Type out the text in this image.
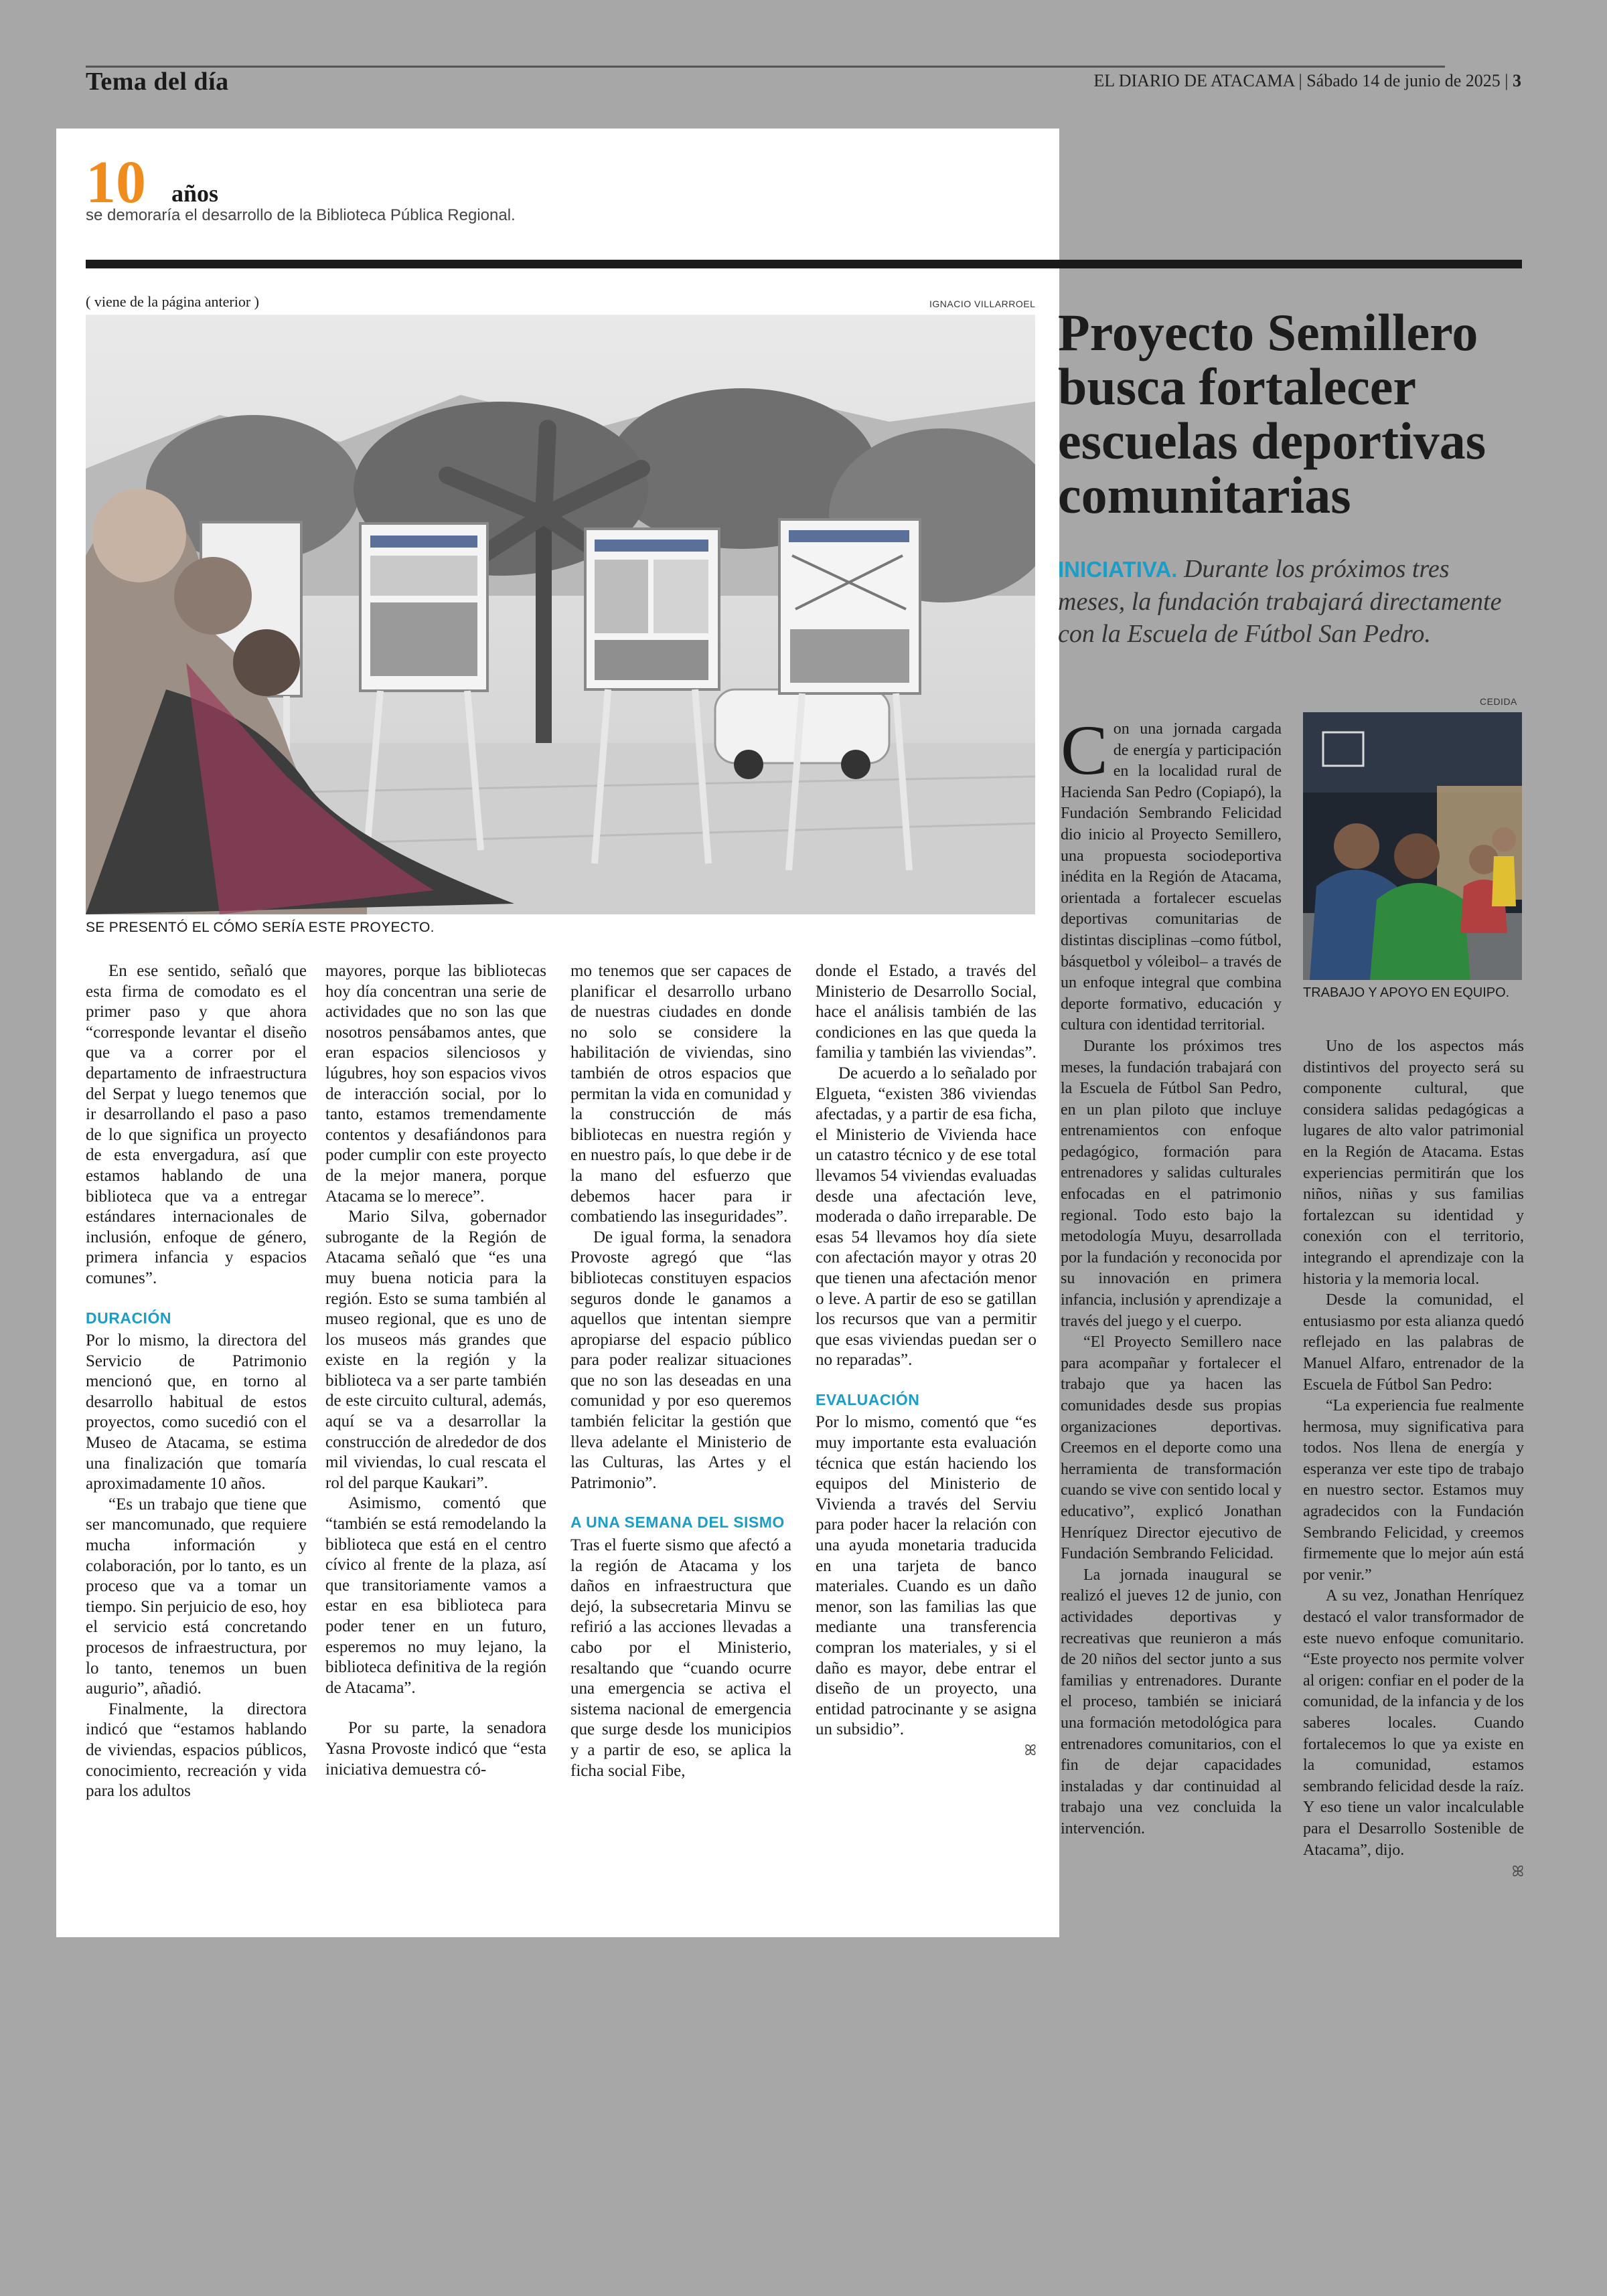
Tema del día	EL DIARIO DE ATACAMA | Sábado 14 de junio de 2025 | 3
10 años
se demoraría el desarrollo de la Biblioteca Pública Regional.
( viene de la página anterior )	IGNACIO VILLARROEL
SE PRESENTÓ EL CÓMO SERÍA ESTE PROYECTO.

En ese sentido, señaló que esta firma de comodato es el primer paso y que ahora “corresponde levantar el diseño que va a correr por el departamento de infraestructura del Serpat y luego tenemos que ir desarrollando el paso a paso de lo que significa un proyecto de esta envergadura, así que estamos hablando de una biblioteca que va a entregar estándares internacionales de inclusión, enfoque de género, primera infancia y espacios comunes”.

DURACIÓN

Por lo mismo, la directora del Servicio de Patrimonio mencionó que, en torno al desarrollo habitual de estos proyectos, como sucedió con el Museo de Atacama, se estima una finalización que tomaría aproximadamente 10 años.

“Es un trabajo que tiene que ser mancomunado, que requiere mucha información y colaboración, por lo tanto, es un proceso que va a tomar un tiempo. Sin perjuicio de eso, hoy el servicio está concretando procesos de infraestructura, por lo tanto, tenemos un buen augurio”, añadió.

Finalmente, la directora indicó que “estamos hablando de viviendas, espacios públicos, conocimiento, recreación y vida para los adultos

mayores, porque las bibliotecas hoy día concentran una serie de actividades que no son las que nosotros pensábamos antes, que eran espacios silenciosos y lúgubres, hoy son espacios vivos de interacción social, por lo tanto, estamos tremendamente contentos y desafiándonos para poder cumplir con este proyecto de la mejor manera, porque Atacama se lo merece”.

Mario Silva, gobernador subrogante de la Región de Atacama señaló que “es una muy buena noticia para la región. Esto se suma también al museo regional, que es uno de los museos más grandes que existe en la región y la biblioteca va a ser parte también de este circuito cultural, además, aquí se va a desarrollar la construcción de alrededor de dos mil viviendas, lo cual rescata el rol del parque Kaukari”.

Asimismo, comentó que “también se está remodelando la biblioteca que está en el centro cívico al frente de la plaza, así que transitoriamente vamos a estar en esa biblioteca para poder tener en un futuro, esperemos no muy lejano, la biblioteca definitiva de la región de Atacama”.

Por su parte, la senadora Yasna Provoste indicó que “esta iniciativa demuestra có-

mo tenemos que ser capaces de planificar el desarrollo urbano de nuestras ciudades en donde no solo se considere la habilitación de viviendas, sino también de otros espacios que permitan la vida en comunidad y la construcción de más bibliotecas en nuestra región y en nuestro país, lo que debe ir de la mano del esfuerzo que debemos hacer para ir combatiendo las inseguridades”.

De igual forma, la senadora Provoste agregó que “las bibliotecas constituyen espacios seguros donde le ganamos a aquellos que intentan siempre apropiarse del espacio público para poder realizar situaciones que no son las deseadas en una comunidad y por eso queremos también felicitar la gestión que lleva adelante el Ministerio de las Culturas, las Artes y el Patrimonio”.

A UNA SEMANA DEL SISMO

Tras el fuerte sismo que afectó a la región de Atacama y los daños en infraestructura que dejó, la subsecretaria Minvu se refirió a las acciones llevadas a cabo por el Ministerio, resaltando que “cuando ocurre una emergencia se activa el sistema nacional de emergencia que surge desde los municipios y a partir de eso, se aplica la ficha social Fibe,

donde el Estado, a través del Ministerio de Desarrollo Social, hace el análisis también de las condiciones en las que queda la familia y también las viviendas”.

De acuerdo a lo señalado por Elgueta, “existen 386 viviendas afectadas, y a partir de esa ficha, el Ministerio de Vivienda hace un catastro técnico y de ese total llevamos 54 viviendas evaluadas desde una afectación leve, moderada o daño irreparable. De esas 54 llevamos hoy día siete con afectación mayor y otras 20 que tienen una afectación menor o leve. A partir de eso se gatillan los recursos que van a permitir que esas viviendas puedan ser o no reparadas”.

EVALUACIÓN

Por lo mismo, comentó que “es muy importante esta evaluación técnica que están haciendo los equipos del Ministerio de Vivienda a través del Serviu para poder hacer la relación con una ayuda monetaria traducida en una tarjeta de banco materiales. Cuando es un daño menor, son las familias las que mediante una transferencia compran los materiales, y si el daño es mayor, debe entrar el diseño de un proyecto, una entidad patrocinante y se asigna un subsidio”.

ꕤ
Proyecto Semillero busca fortalecer escuelas deportivas comunitarias
INICIATIVA. Durante los próximos tres meses, la fundación trabajará directamente con la Escuela de Fútbol San Pedro.
CEDIDA
TRABAJO Y APOYO EN EQUIPO.

Con una jornada cargada de energía y participación en la localidad rural de Hacienda San Pedro (Copiapó), la Fundación Sembrando Felicidad dio inicio al Proyecto Semillero, una propuesta sociodeportiva inédita en la Región de Atacama, orientada a fortalecer escuelas deportivas comunitarias de distintas disciplinas –como fútbol, básquetbol y vóleibol– a través de un enfoque integral que combina deporte formativo, educación y cultura con identidad territorial.

Durante los próximos tres meses, la fundación trabajará con la Escuela de Fútbol San Pedro, en un plan piloto que incluye entrenamientos con enfoque pedagógico, formación para entrenadores y salidas culturales enfocadas en el patrimonio regional. Todo esto bajo la metodología Muyu, desarrollada por la fundación y reconocida por su innovación en primera infancia, inclusión y aprendizaje a través del juego y el cuerpo.

“El Proyecto Semillero nace para acompañar y fortalecer el trabajo que ya hacen las comunidades desde sus propias organizaciones deportivas. Creemos en el deporte como una herramienta de transformación cuando se vive con sentido local y educativo”, explicó Jonathan Henríquez Director ejecutivo de Fundación Sembrando Felicidad.

La jornada inaugural se realizó el jueves 12 de junio, con actividades deportivas y recreativas que reunieron a más de 20 niños del sector junto a sus familias y entrenadores. Durante el proceso, también se iniciará una formación metodológica para entrenadores comunitarios, con el fin de dejar capacidades instaladas y dar continuidad al trabajo una vez concluida la intervención.

Uno de los aspectos más distintivos del proyecto será su componente cultural, que considera salidas pedagógicas a lugares de alto valor patrimonial en la Región de Atacama. Estas experiencias permitirán que los niños, niñas y sus familias fortalezcan su identidad y conexión con el territorio, integrando el aprendizaje con la historia y la memoria local.

Desde la comunidad, el entusiasmo por esta alianza quedó reflejado en las palabras de Manuel Alfaro, entrenador de la Escuela de Fútbol San Pedro:

“La experiencia fue realmente hermosa, muy significativa para todos. Nos llena de energía y esperanza ver este tipo de trabajo en nuestro sector. Estamos muy agradecidos con la Fundación Sembrando Felicidad, y creemos firmemente que lo mejor aún está por venir.”

A su vez, Jonathan Henríquez destacó el valor transformador de este nuevo enfoque comunitario. “Este proyecto nos permite volver al origen: confiar en el poder de la comunidad, de la infancia y de los saberes locales. Cuando fortalecemos lo que ya existe en la comunidad, estamos sembrando felicidad desde la raíz. Y eso tiene un valor incalculable para el Desarrollo Sostenible de Atacama”, dijo.

ꕤ
